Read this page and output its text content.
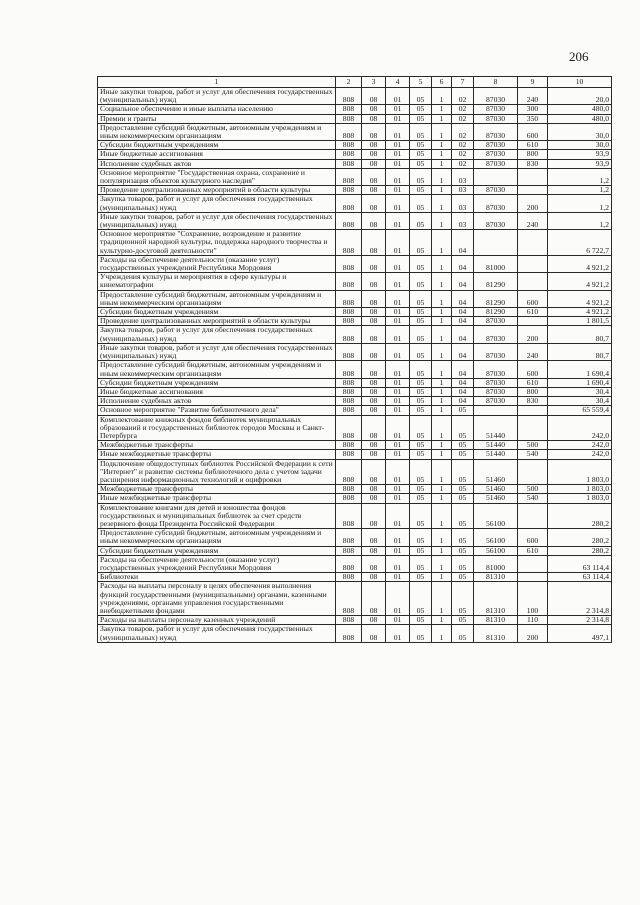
206
1	2	3	4	5	6	7	8	9	10
Иные закупки товаров, работ и услуг для обеспечения государственных (муниципальных) нужд	808	08	01	05	1	02	87030	240	20,0
Социальное обеспечение и иные выплаты населению	808	08	01	05	1	02	87030	300	480,0
Премии и гранты	808	08	01	05	1	02	87030	350	480,0
Предоставление субсидий бюджетным, автономным учреждениям и иным некоммерческим организациям	808	08	01	05	1	02	87030	600	30,0
Субсидии бюджетным учреждениям	808	08	01	05	1	02	87030	610	30,0
Иные бюджетные ассигнования	808	08	01	05	1	02	87030	800	93,9
Исполнение судебных актов	808	08	01	05	1	02	87030	830	93,9
Основное мероприятие "Государственная охрана, сохранение и популяризация объектов культурного наследия"	808	08	01	05	1	03			1,2
Проведение централизованных мероприятий в области культуры	808	08	01	05	1	03	87030		1,2
Закупка товаров, работ и услуг для обеспечения государственных (муниципальных) нужд	808	08	01	05	1	03	87030	200	1,2
Иные закупки товаров, работ и услуг для обеспечения государственных (муниципальных) нужд	808	08	01	05	1	03	87030	240	1,2
Основное мероприятие "Сохранение, возрождение и развитие традиционной народной культуры, поддержка народного творчества и культурно-досуговой деятельности"	808	08	01	05	1	04			6 722,7
Расходы на обеспечение деятельности (оказание услуг) государственных учреждений Республики Мордовия	808	08	01	05	1	04	81000		4 921,2
Учреждения культуры и мероприятия в сфере культуры и кинематографии	808	08	01	05	1	04	81290		4 921,2
Предоставление субсидий бюджетным, автономным учреждениям и иным некоммерческим организациям	808	08	01	05	1	04	81290	600	4 921,2
Субсидии бюджетным учреждениям	808	08	01	05	1	04	81290	610	4 921,2
Проведение централизованных мероприятий в области культуры	808	08	01	05	1	04	87030		1 801,5
Закупка товаров, работ и услуг для обеспечения государственных (муниципальных) нужд	808	08	01	05	1	04	87030	200	80,7
Иные закупки товаров, работ и услуг для обеспечения государственных (муниципальных) нужд	808	08	01	05	1	04	87030	240	80,7
Предоставление субсидий бюджетным, автономным учреждениям и иным некоммерческим организациям	808	08	01	05	1	04	87030	600	1 690,4
Субсидии бюджетным учреждениям	808	08	01	05	1	04	87030	610	1 690,4
Иные бюджетные ассигнования	808	08	01	05	1	04	87030	800	30,4
Исполнение судебных актов	808	08	01	05	1	04	87030	830	30,4
Основное мероприятие "Развитие библиотечного дела"	808	08	01	05	1	05			65 559,4
Комплектование книжных фондов библиотек муниципальных образований и государственных библиотек городов Москвы и Санкт-Петербурга	808	08	01	05	1	05	51440		242,0
Межбюджетные трансферты	808	08	01	05	1	05	51440	500	242,0
Иные межбюджетные трансферты	808	08	01	05	1	05	51440	540	242,0
Подключение общедоступных библиотек Российской Федерации к сети "Интернет" и развитие системы библиотечного дела с учетом задачи расширения информационных технологий и оцифровки	808	08	01	05	1	05	51460		1 803,0
Межбюджетные трансферты	808	08	01	05	1	05	51460	500	1 803,0
Иные межбюджетные трансферты	808	08	01	05	1	05	51460	540	1 803,0
Комплектование книгами для детей и юношества фондов государственных и муниципальных библиотек за счет средств резервного фонда Президента Российской Федерации	808	08	01	05	1	05	56100		280,2
Предоставление субсидий бюджетным, автономным учреждениям и иным некоммерческим организациям	808	08	01	05	1	05	56100	600	280,2
Субсидии бюджетным учреждениям	808	08	01	05	1	05	56100	610	280,2
Расходы на обеспечение деятельности (оказание услуг) государственных учреждений Республики Мордовия	808	08	01	05	1	05	81000		63 114,4
Библиотеки	808	08	01	05	1	05	81310		63 114,4
Расходы на выплаты персоналу в целях обеспечения выполнения функций государственными (муниципальными) органами, казенными учреждениями, органами управления государственными внебюджетными фондами	808	08	01	05	1	05	81310	100	2 314,8
Расходы на выплаты персоналу казенных учреждений	808	08	01	05	1	05	81310	110	2 314,8
Закупка товаров, работ и услуг для обеспечения государственных (муниципальных) нужд	808	08	01	05	1	05	81310	200	497,1
